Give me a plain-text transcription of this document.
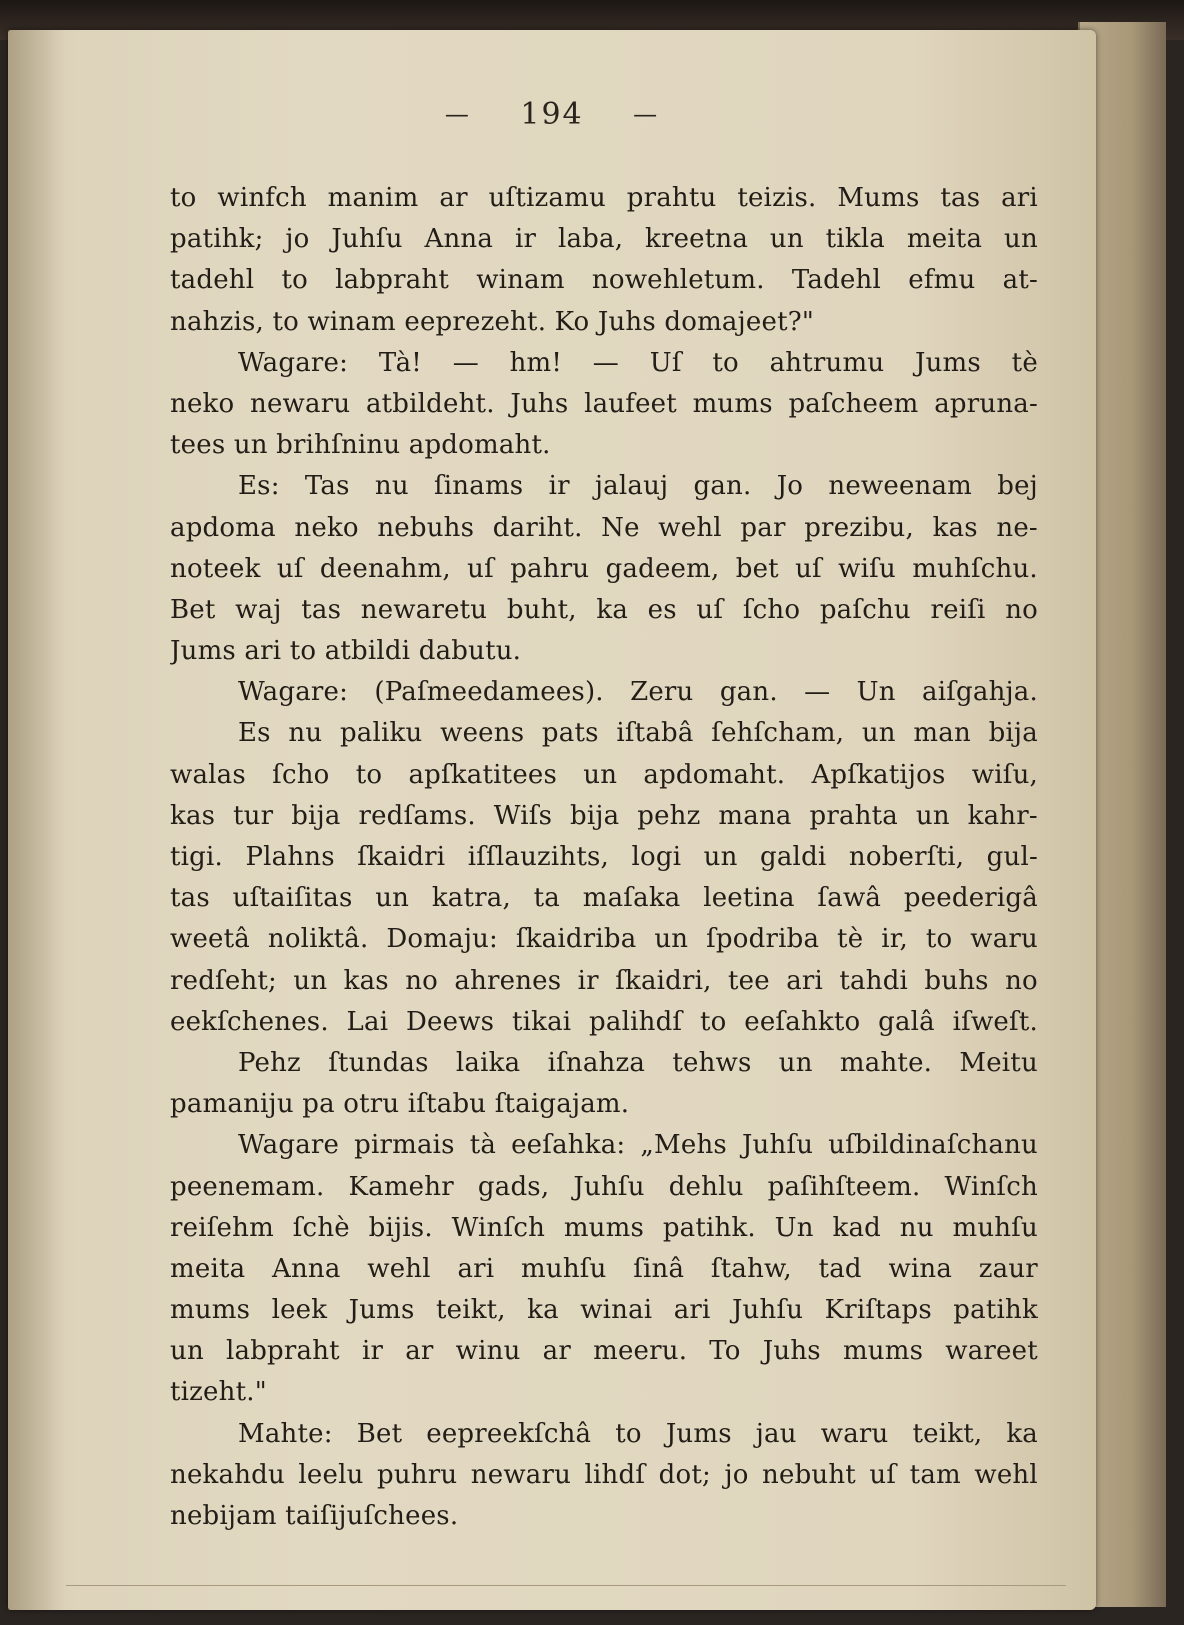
— 194 —
to winfch manim ar uſtizamu prahtu teizis. Mums tas ari
patihk; jo Juhſu Anna ir laba, kreetna un tikla meita un
tadehl to labpraht winam nowehletum. Tadehl efmu at-
nahzis, to winam eeprezeht. Ko Juhs domajeet?"
Wagare: Tà! — hm! — Uſ to ahtrumu Jums tè
neko newaru atbildeht. Juhs laufeet mums paſcheem apruna-
tees un brihſninu apdomaht.
Es: Tas nu ſinams ir jalauj gan. Jo neweenam bej
apdoma neko nebuhs dariht. Ne wehl par prezibu, kas ne-
noteek uſ deenahm, uſ pahru gadeem, bet uſ wiſu muhſchu.
Bet waj tas newaretu buht, ka es uſ ſcho paſchu reiſi no
Jums ari to atbildi dabutu.
Wagare: (Paſmeedamees). Zeru gan. — Un aiſgahja.
Es nu paliku weens pats iſtabâ ſehſcham, un man bija
walas ſcho to apſkatitees un apdomaht. Apſkatijos wiſu,
kas tur bija redſams. Wiſs bija pehz mana prahta un kahr-
tigi. Plahns ſkaidri iſſlauzihts, logi un galdi noberſti, gul-
tas uſtaiſitas un katra, ta maſaka leetina ſawâ peederigâ
weetâ noliktâ. Domaju: ſkaidriba un ſpodriba tè ir, to waru
redſeht; un kas no ahrenes ir ſkaidri, tee ari tahdi buhs no
eekſchenes. Lai Deews tikai palihdſ to eeſahkto galâ iſweſt.
Pehz ſtundas laika iſnahza tehws un mahte. Meitu
pamaniju pa otru iſtabu ſtaigajam.
Wagare pirmais tà eeſahka: „Mehs Juhſu uſbildinaſchanu
peenemam. Kamehr gads, Juhſu dehlu paſihſteem. Winſch
reiſehm ſchè bijis. Winſch mums patihk. Un kad nu muhſu
meita Anna wehl ari muhſu ſinâ ſtahw, tad wina zaur
mums leek Jums teikt, ka winai ari Juhſu Kriſtaps patihk
un labpraht ir ar winu ar meeru. To Juhs mums wareet
tizeht."
Mahte: Bet eepreekſchâ to Jums jau waru teikt, ka
nekahdu leelu puhru newaru lihdſ dot; jo nebuht uſ tam wehl
nebijam taiſijuſchees.
